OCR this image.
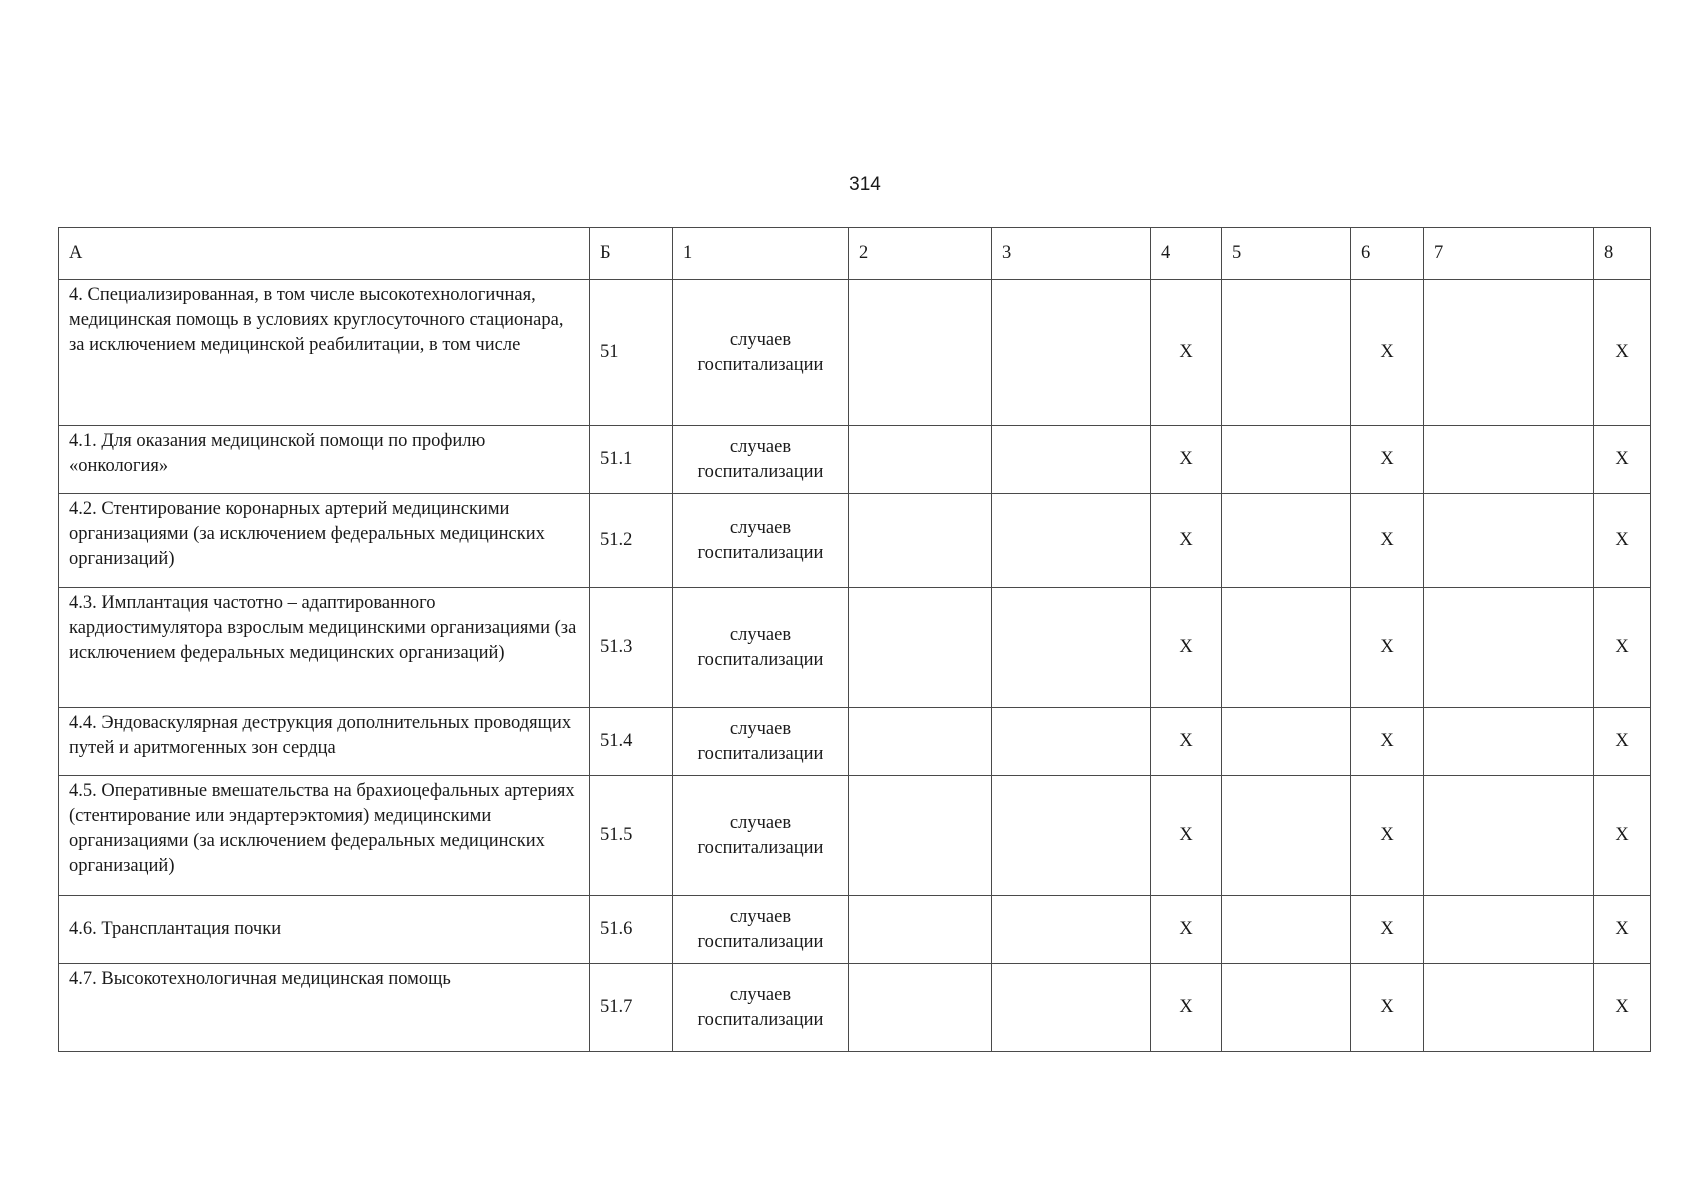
314
А	Б	1	2	3	4	5	6	7	8
4. Специализированная, в том числе высокотехнологичная, медицинская помощь в условиях круглосуточного стационара, за исключением медицинской реабилитации, в том числе	51	случаев
госпитализации			Х		Х		Х
4.1. Для оказания медицинской помощи по профилю «онкология»	51.1	случаев
госпитализации			Х		Х		Х
4.2. Стентирование коронарных артерий медицинскими организациями (за исключением федеральных медицинских организаций)	51.2	случаев
госпитализации			Х		Х		Х
4.3. Имплантация частотно – адаптированного кардиостимулятора взрослым медицинскими организациями (за исключением федеральных медицинских организаций)	51.3	случаев
госпитализации			Х		Х		Х
4.4. Эндоваскулярная деструкция дополнительных проводящих путей и аритмогенных зон сердца	51.4	случаев
госпитализации			Х		Х		Х
4.5. Оперативные вмешательства на брахиоцефальных артериях (стентирование или эндартерэктомия) медицинскими организациями (за исключением федеральных медицинских организаций)	51.5	случаев
госпитализации			Х		Х		Х
4.6. Трансплантация почки	51.6	случаев
госпитализации			Х		Х		Х
4.7. Высокотехнологичная медицинская помощь	51.7	случаев
госпитализации			Х		Х		Х
